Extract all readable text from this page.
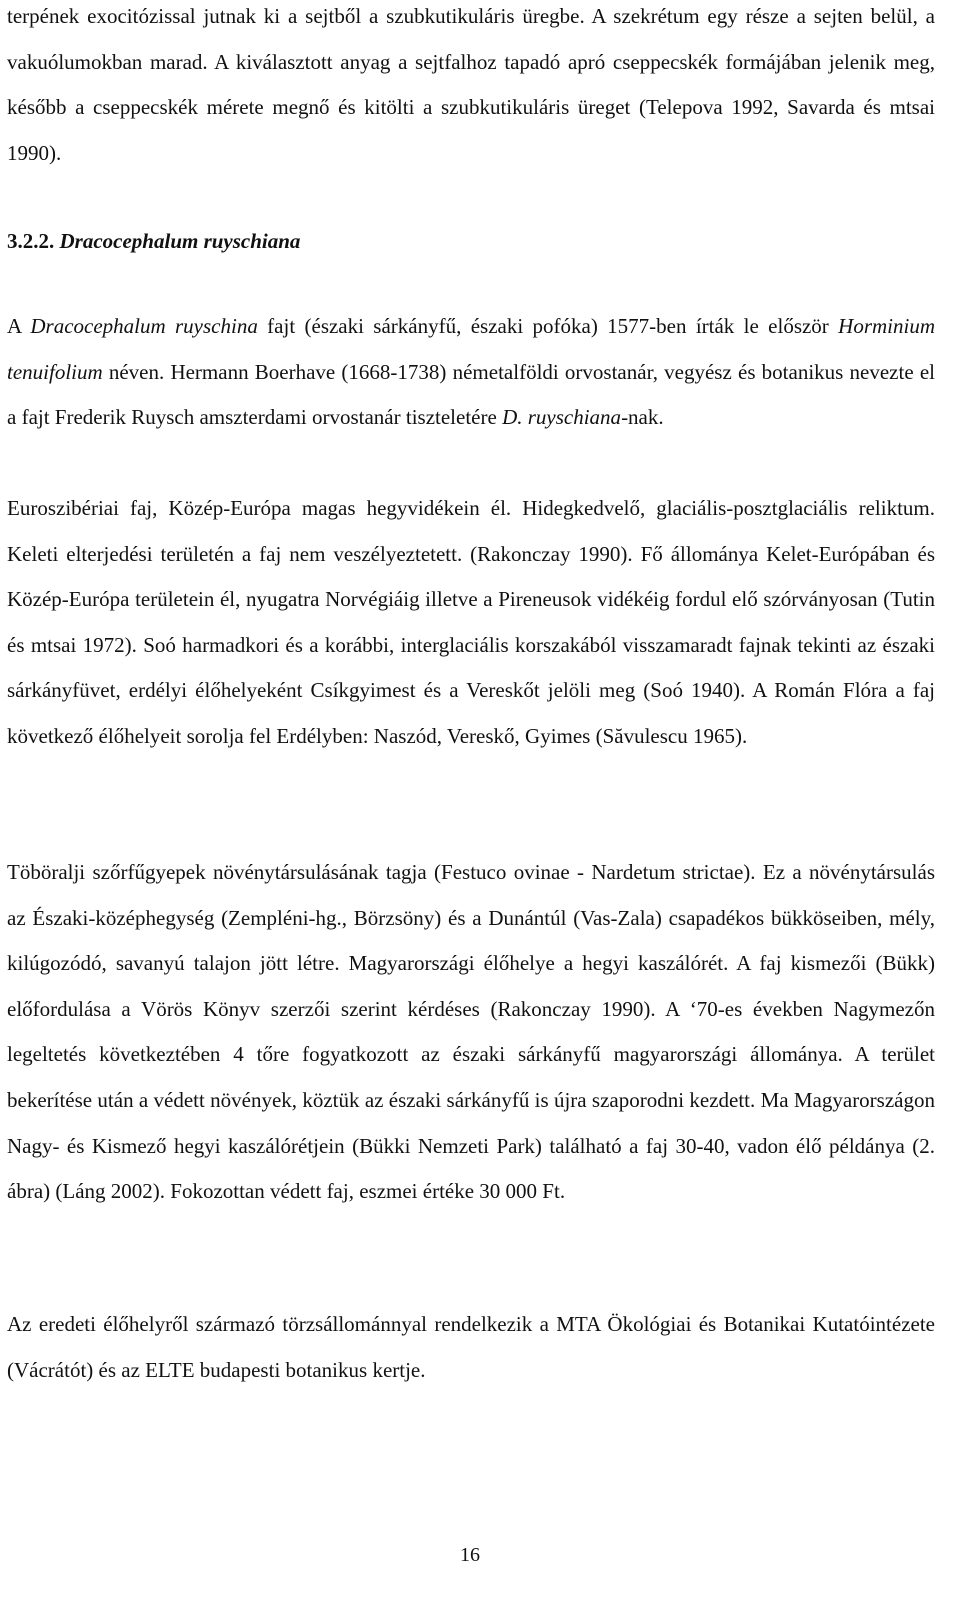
terpének exocitózissal jutnak ki a sejtből a szubkutikuláris üregbe. A szekrétum egy része a sejten belül, a vakuólumokban marad. A kiválasztott anyag a sejtfalhoz tapadó apró cseppecskék formájában jelenik meg, később a cseppecskék mérete megnő és kitölti a szubkutikuláris üreget (Telepova 1992, Savarda és mtsai 1990).

3.2.2. Dracocephalum ruyschiana

A Dracocephalum ruyschina fajt (északi sárkányfű, északi pofóka) 1577-ben írták le először Horminium tenuifolium néven. Hermann Boerhave (1668-1738) németalföldi orvostanár, vegyész és botanikus nevezte el a fajt Frederik Ruysch amszterdami orvostanár tiszteletére D. ruyschiana-nak.

Euroszibériai faj, Közép-Európa magas hegyvidékein él. Hidegkedvelő, glaciális-posztglaciális reliktum. Keleti elterjedési területén a faj nem veszélyeztetett. (Rakonczay 1990). Fő állománya Kelet-Európában és Közép-Európa területein él, nyugatra Norvégiáig illetve a Pireneusok vidékéig fordul elő szórványosan (Tutin és mtsai 1972). Soó harmadkori és a korábbi, interglaciális korszakából visszamaradt fajnak tekinti az északi sárkányfüvet, erdélyi élőhelyeként Csíkgyimest és a Vereskőt jelöli meg (Soó 1940). A Román Flóra a faj következő élőhelyeit sorolja fel Erdélyben: Naszód, Vereskő, Gyimes (Săvulescu 1965).

Töböralji szőrfűgyepek növénytársulásának tagja (Festuco ovinae - Nardetum strictae). Ez a növénytársulás az Északi-középhegység (Zempléni-hg., Börzsöny) és a Dunántúl (Vas-Zala) csapadékos bükköseiben, mély, kilúgozódó, savanyú talajon jött létre. Magyarországi élőhelye a hegyi kaszálórét. A faj kismezői (Bükk) előfordulása a Vörös Könyv szerzői szerint kérdéses (Rakonczay 1990). A ‘70-es években Nagymezőn legeltetés következtében 4 tőre fogyatkozott az északi sárkányfű magyarországi állománya. A terület bekerítése után a védett növények, köztük az északi sárkányfű is újra szaporodni kezdett. Ma Magyarországon Nagy- és Kismező hegyi kaszálórétjein (Bükki Nemzeti Park) található a faj 30-40, vadon élő példánya (2. ábra) (Láng 2002). Fokozottan védett faj, eszmei értéke 30 000 Ft.

Az eredeti élőhelyről származó törzsállománnyal rendelkezik a MTA Ökológiai és Botanikai Kutatóintézete (Vácrátót) és az ELTE budapesti botanikus kertje.

16
